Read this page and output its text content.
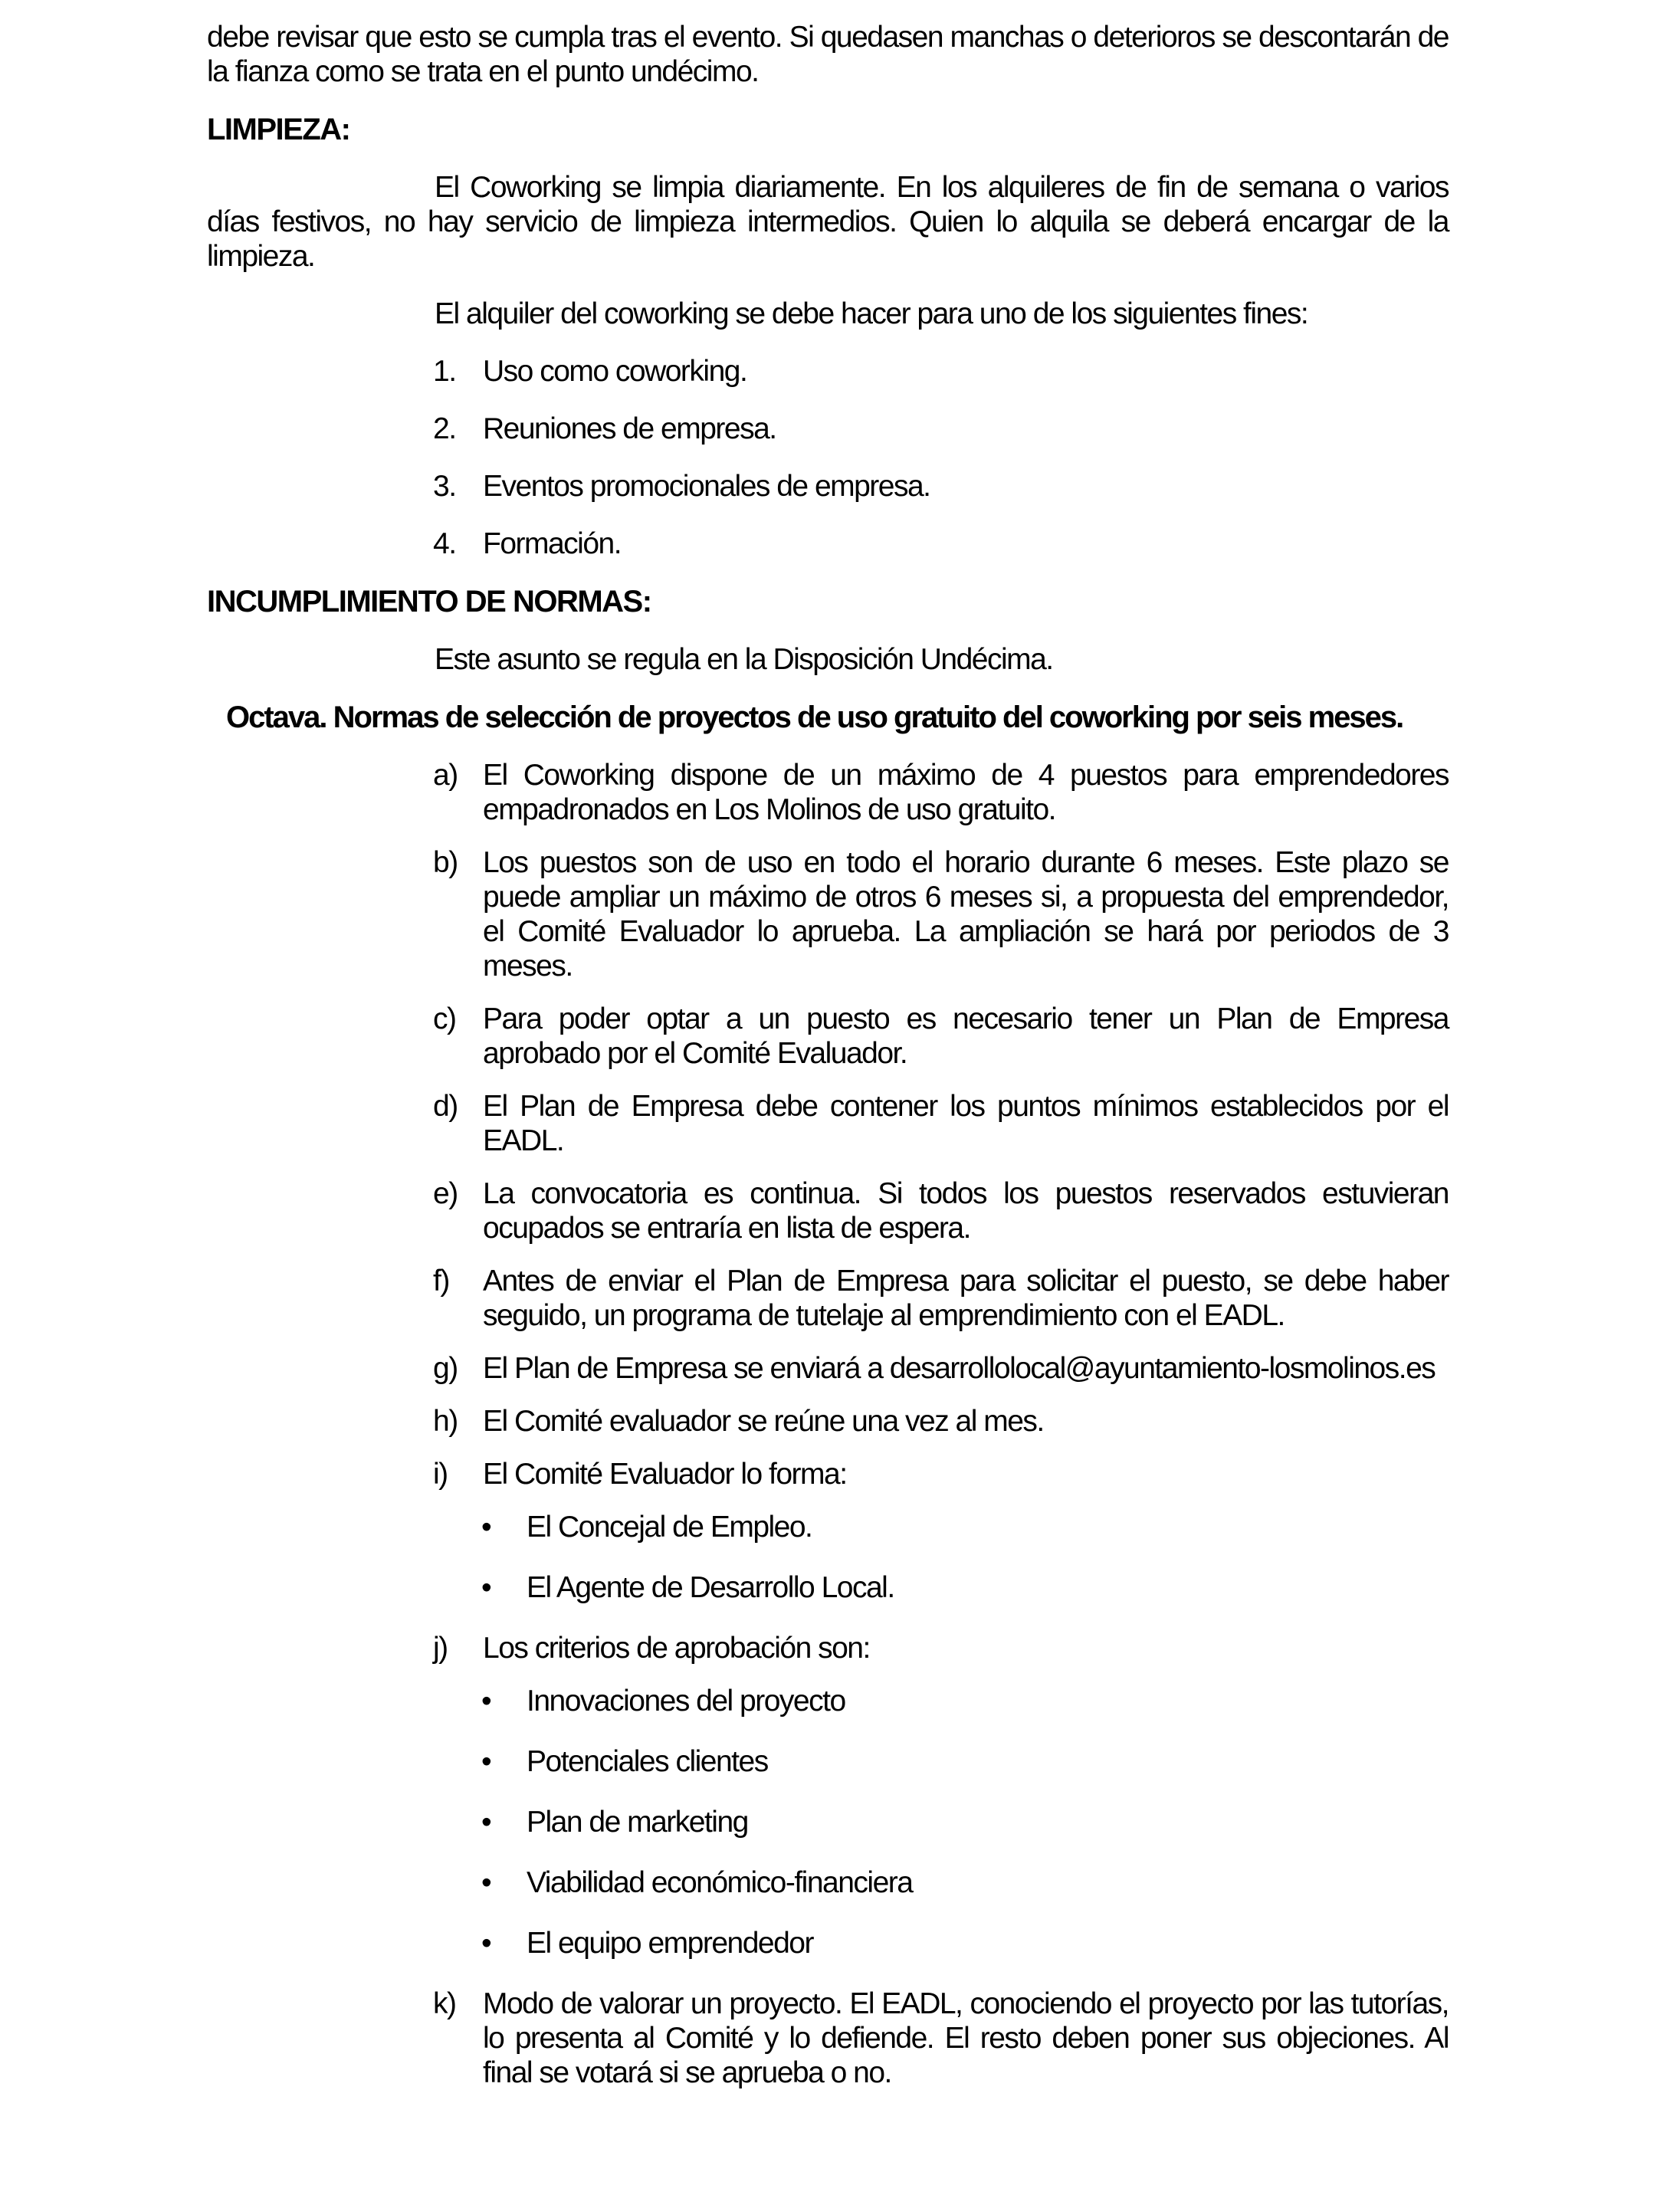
debe revisar que esto se cumpla tras el evento. Si quedasen manchas o deterioros se descontarán de la fianza como se trata en el punto undécimo.

LIMPIEZA:

El Coworking se limpia diariamente. En los alquileres de fin de semana o varios días festivos, no hay servicio de limpieza intermedios. Quien lo alquila se deberá encargar de la limpieza.

El alquiler del coworking se debe hacer para uno de los siguientes fines:

1. Uso como coworking.
2. Reuniones de empresa.
3. Eventos promocionales de empresa.
4. Formación.
INCUMPLIMIENTO DE NORMAS:

Este asunto se regula en la Disposición Undécima.

Octava. Normas de selección de proyectos de uso gratuito del coworking por seis meses.
a) El Coworking dispone de un máximo de 4 puestos para emprendedores empadronados en Los Molinos de uso gratuito.
b) Los puestos son de uso en todo el horario durante 6 meses. Este plazo se puede ampliar un máximo de otros 6 meses si, a propuesta del emprendedor, el Comité Evaluador lo aprueba. La ampliación se hará por periodos de 3 meses.
c) Para poder optar a un puesto es necesario tener un Plan de Empresa aprobado por el Comité Evaluador.
d) El Plan de Empresa debe contener los puntos mínimos establecidos por el EADL.
e) La convocatoria es continua. Si todos los puestos reservados estuvieran ocupados se entraría en lista de espera.
f) Antes de enviar el Plan de Empresa para solicitar el puesto, se debe haber seguido, un programa de tutelaje al emprendimiento con el EADL.
g) El Plan de Empresa se enviará a desarrollolocal@ayuntamiento-losmolinos.es
h) El Comité evaluador se reúne una vez al mes.
i) El Comité Evaluador lo forma:
• El Concejal de Empleo.
• El Agente de Desarrollo Local.
j) Los criterios de aprobación son:
• Innovaciones del proyecto
• Potenciales clientes
• Plan de marketing
• Viabilidad económico-financiera
• El equipo emprendedor
k) Modo de valorar un proyecto. El EADL, conociendo el proyecto por las tutorías, lo presenta al Comité y lo defiende. El resto deben poner sus objeciones. Al final se votará si se aprueba o no.
